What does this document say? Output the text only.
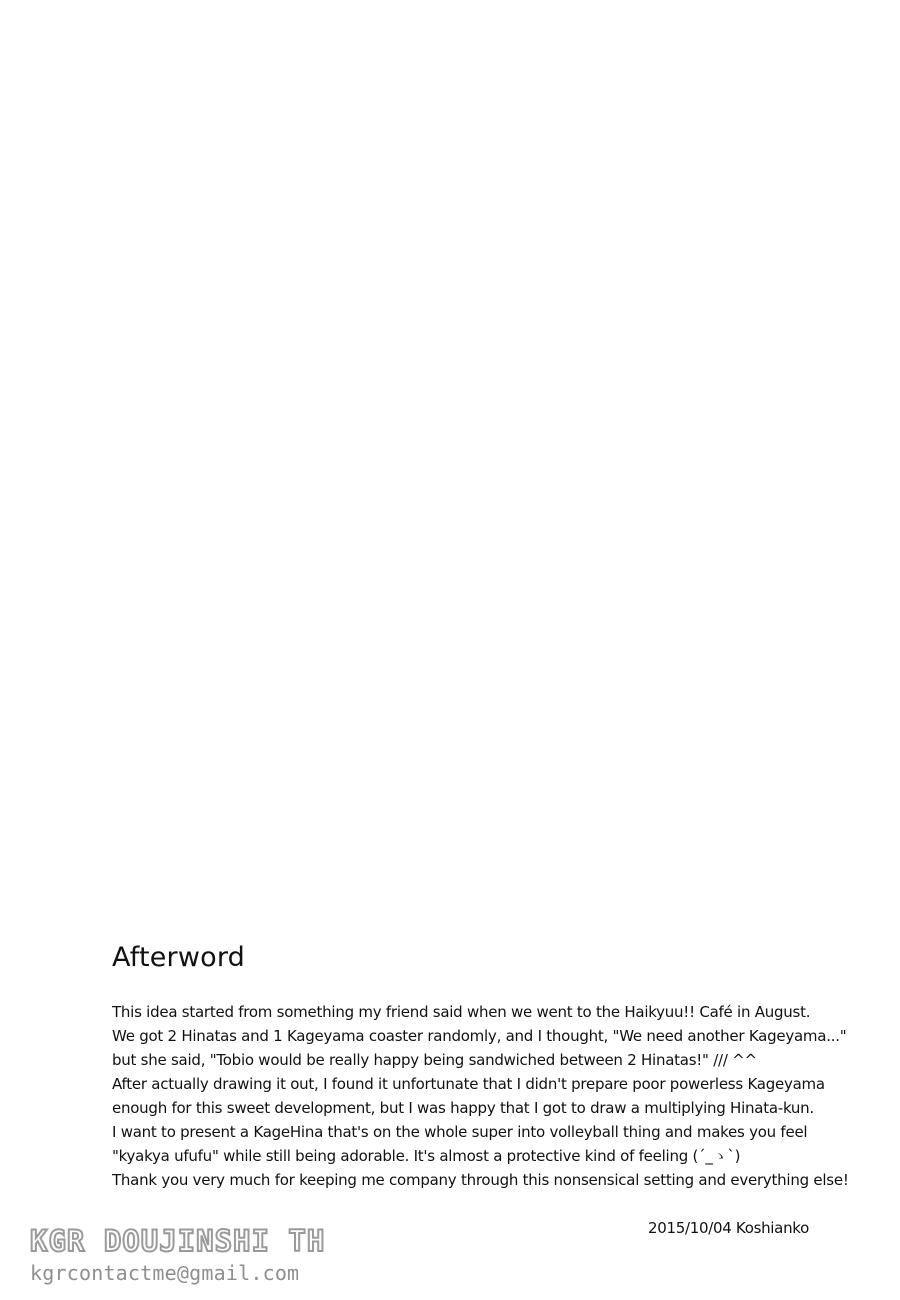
Afterword
This idea started from something my friend said when we went to the Haikyuu!! Café in August.
We got 2 Hinatas and 1 Kageyama coaster randomly, and I thought, "We need another Kageyama..."
but she said, "Tobio would be really happy being sandwiched between 2 Hinatas!" /// ^^
After actually drawing it out, I found it unfortunate that I didn't prepare poor powerless Kageyama
enough for this sweet development, but I was happy that I got to draw a multiplying Hinata-kun.
I want to present a KageHina that's on the whole super into volleyball thing and makes you feel
"kyakya ufufu" while still being adorable. It's almost a protective kind of feeling (´_ゝ`)
Thank you very much for keeping me company through this nonsensical setting and everything else!
2015/10/04 Koshianko
KGR DOUJINSHI TH
kgrcontactme@gmail.com
